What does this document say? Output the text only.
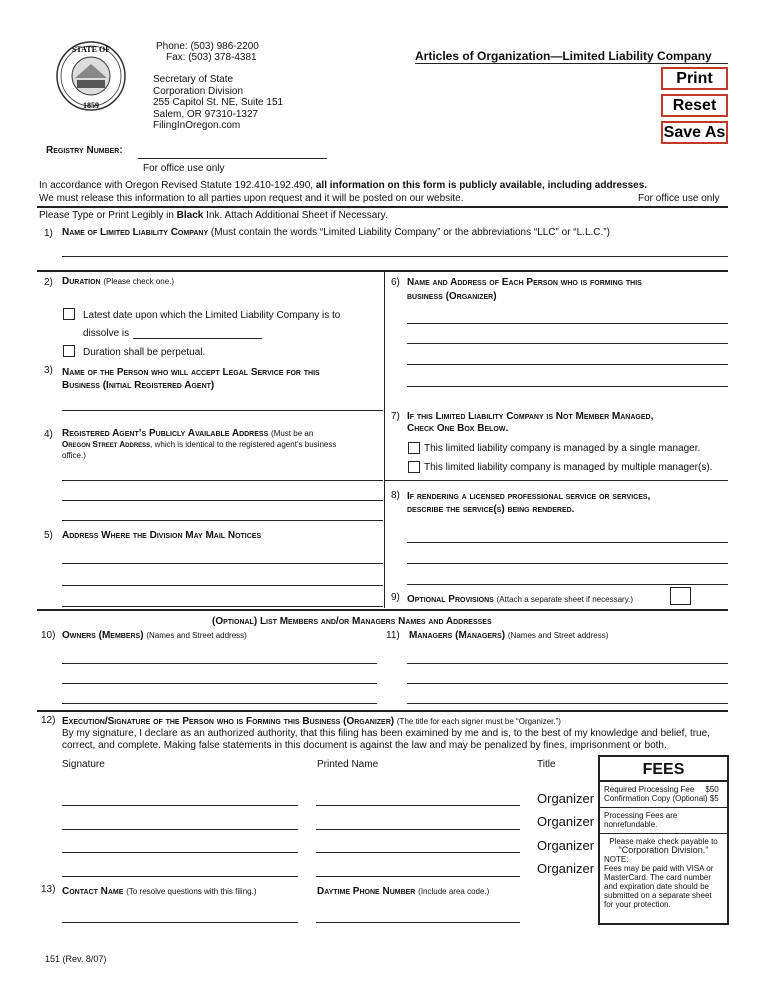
STATE OF
1859
Phone: (503) 986-2200
Fax: (503) 378-4381	Articles of Organization—Limited Liability Company
Secretary of State
Corporation Division
255 Capitol St. NE, Suite 151
Salem, OR 97310-1327
FilingInOregon.com
Print
Reset
Save As
Registry Number:
For office use only
In accordance with Oregon Revised Statute 192.410-192.490, all information on this form is publicly available, including addresses.
We must release this information to all parties upon request and it will be posted on our website.	For office use only
Please Type or Print Legibly in Black Ink. Attach Additional Sheet if Necessary.
1) Name of Limited Liability Company (Must contain the words “Limited Liability Company” or the abbreviations “LLC” or “L.L.C.”)
2) Duration (Please check one.)
Latest date upon which the Limited Liability Company is to
dissolve is
Duration shall be perpetual.
3) Name of the Person who will accept Legal Service for this
Business (Initial Registered Agent)
4) Registered Agent’s Publicly Available Address (Must be an
Oregon Street Address, which is identical to the registered agent’s business
office.)
5) Address Where the Division May Mail Notices
6) Name and Address of Each Person who is forming this
business (Organizer)
7) If this Limited Liability Company is Not Member Managed,
Check One Box Below.
This limited liability company is managed by a single manager.
This limited liability company is managed by multiple manager(s).
8) If rendering a licensed professional service or services,
describe the service(s) being rendered.
9) Optional Provisions (Attach a separate sheet if necessary.)
(Optional) List Members and/or Managers Names and Addresses
10) Owners (Members) (Names and Street address)	11) Managers (Managers) (Names and Street address)
12) Execution/Signature of the Person who is Forming this Business (Organizer) (The title for each signer must be “Organizer.”)
By my signature, I declare as an authorized authority, that this filing has been examined by me and is, to the best of my knowledge and belief, true,
correct, and complete. Making false statements in this document is against the law and may be penalized by fines, imprisonment or both.
Signature	Printed Name	Title
Organizer
Organizer
Organizer
Organizer
FEES
Required Processing Fee     $50
Confirmation Copy (Optional) $5
Processing Fees are nonrefundable.
Please make check payable to
“Corporation Division.”
NOTE:
Fees may be paid with VISA or MasterCard. The card number and expiration date should be submitted on a separate sheet for your protection.
13) Contact Name (To resolve questions with this filing.)	Daytime Phone Number (Include area code.)
151 (Rev. 8/07)
